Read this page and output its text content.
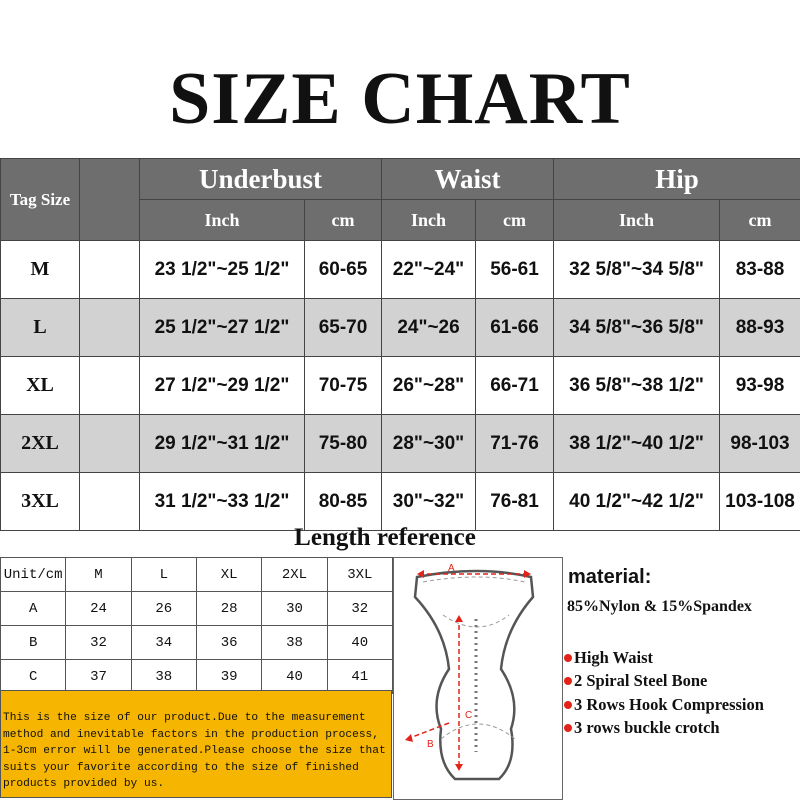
SIZE CHART
Tag Size		Underbust		Waist		Hip	
		Inch	cm	Inch	cm	Inch	cm
M		23 1/2"~25 1/2"	60-65	22"~24"	56-61	32 5/8"~34 5/8"	83-88
L		25 1/2"~27 1/2"	65-70	24"~26	61-66	34 5/8"~36 5/8"	88-93
XL		27 1/2"~29 1/2"	70-75	26"~28"	66-71	36 5/8"~38 1/2"	93-98
2XL		29 1/2"~31 1/2"	75-80	28"~30"	71-76	38 1/2"~40 1/2"	98-103
3XL		31 1/2"~33 1/2"	80-85	30"~32"	76-81	40 1/2"~42 1/2"	103-108
Length reference
Unit/cm	M	L	XL	2XL	3XL
A	24	26	28	30	32
B	32	34	36	38	40
C	37	38	39	40	41
This is the size of our product.Due to the measurement method and inevitable factors in the production process, 1-3cm error will be generated.Please choose the size that suits your favorite according to the size of finished products provided by us.
A
C
B
material:
85%Nylon & 15%Spandex
High Waist
2 Spiral Steel Bone
3 Rows Hook Compression
3 rows buckle crotch
